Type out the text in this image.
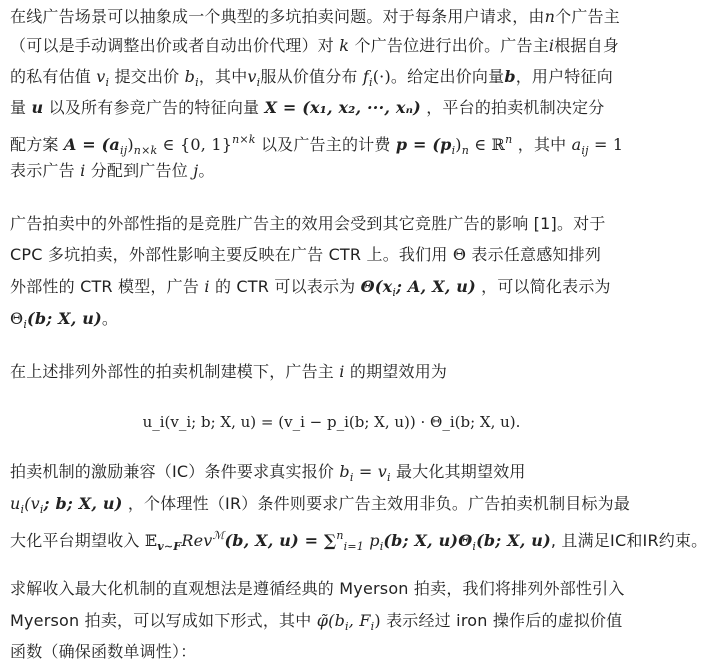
在线广告场景可以抽象成一个典型的多坑拍卖问题。对于每条用户请求，由n个广告主
（可以是手动调整出价或者自动出价代理）对 k 个广告位进行出价。广告主i根据自身
的私有估值 $v_i$ 提交出价 $b_i$，其中$v_i$服从价值分布 $f_i(\cdot)$。给定出价向量b，用户特征向
量 u 以及所有参竞广告的特征向量 X = (x₁, x₂, ···, xₙ) ，平台的拍卖机制决定分
配方案 $A = (a_{ij})_{n\times k}$ ∈ {0, 1}$^{n\times k}$ 以及广告主的计费 $p = (p_i)_n$ ∈ ℝ$^n$ ，其中 $a_{ij} = 1$
表示广告 i 分配到广告位 j。
广告拍卖中的外部性指的是竞胜广告主的效用会受到其它竞胜广告的影响 [1]。对于
CPC 多坑拍卖，外部性影响主要反映在广告 CTR 上。我们用 Θ 表示任意感知排列
外部性的 CTR 模型，广告 i 的 CTR 可以表示为 $\Theta(x_i$; A, X, u) ，可以简化表示为
$\Theta_i(b$; X, u)。
在上述排列外部性的拍卖机制建模下，广告主 i 的期望效用为
u_i(v_i; b; X, u) = (v_i − p_i(b; X, u)) · Θ_i(b; X, u).
拍卖机制的激励兼容（IC）条件要求真实报价 $b_i = v_i$ 最大化其期望效用
$u_i(v_i$; b; X, u) ，个体理性（IR）条件则要求广告主效用非负。广告拍卖机制目标为最
大化平台期望收入 𝔼$_{v\sim F}$Rev$^ℳ$(b, X, u) = ∑$^n_{i=1}$ $p_i(b$; X, $u)\Theta_i(b$; X, u), 且满足IC和IR约束。
求解收入最大化机制的直观想法是遵循经典的 Myerson 拍卖，我们将排列外部性引入
Myerson 拍卖，可以写成如下形式，其中 $\varphĩ(b_i$, $F_i$) 表示经过 iron 操作后的虚拟价值
函数（确保函数单调性）：
